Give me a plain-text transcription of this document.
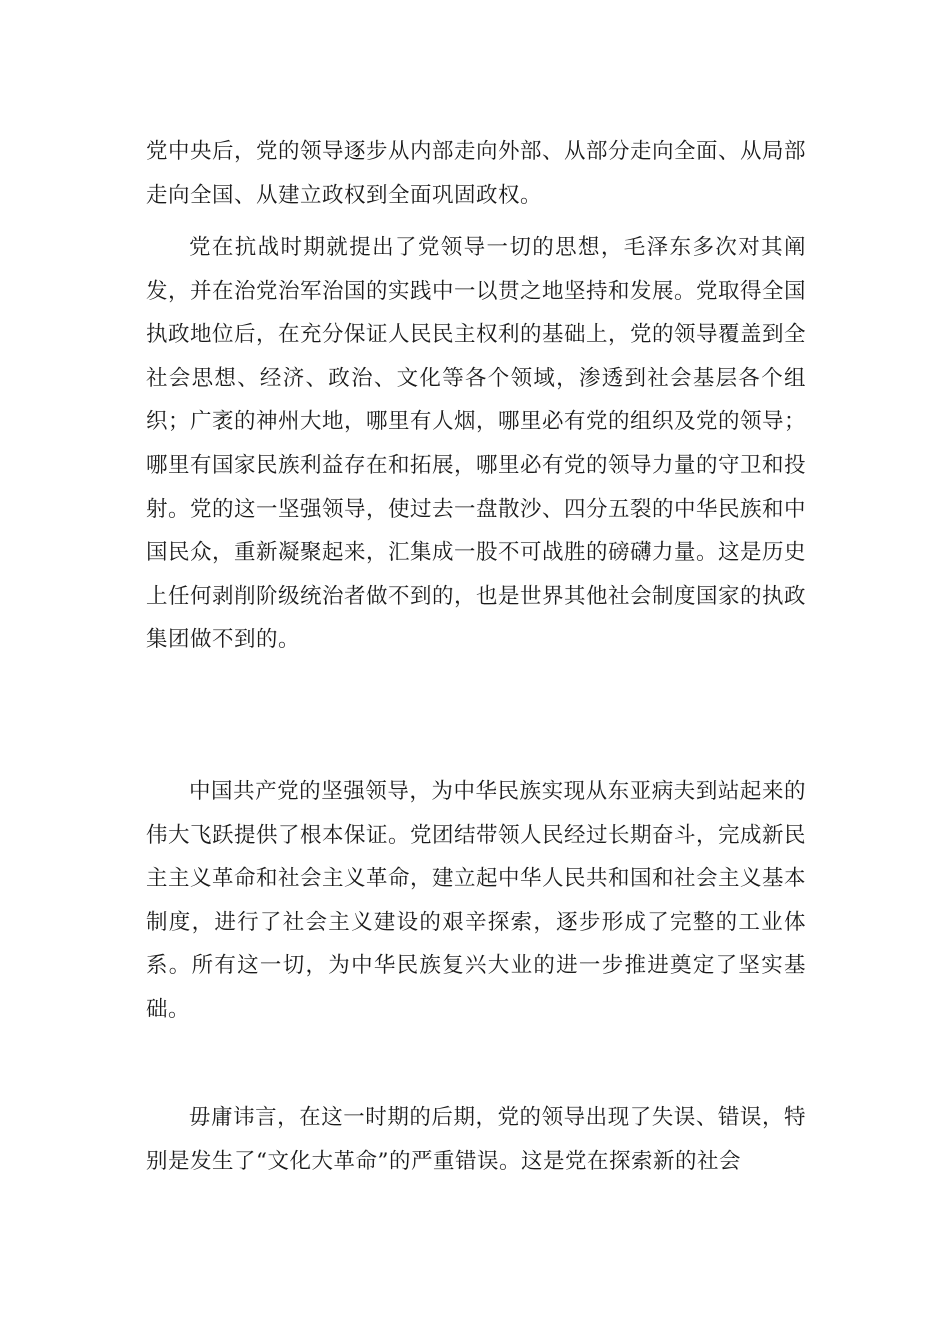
党中央后，党的领导逐步从内部走向外部、从部分走向全面、从局部走向全国、从建立政权到全面巩固政权。

党在抗战时期就提出了党领导一切的思想，毛泽东多次对其阐发，并在治党治军治国的实践中一以贯之地坚持和发展。党取得全国执政地位后，在充分保证人民民主权利的基础上，党的领导覆盖到全社会思想、经济、政治、文化等各个领域，渗透到社会基层各个组织；广袤的神州大地，哪里有人烟，哪里必有党的组织及党的领导；哪里有国家民族利益存在和拓展，哪里必有党的领导力量的守卫和投射。党的这一坚强领导，使过去一盘散沙、四分五裂的中华民族和中国民众，重新凝聚起来，汇集成一股不可战胜的磅礴力量。这是历史上任何剥削阶级统治者做不到的，也是世界其他社会制度国家的执政集团做不到的。

中国共产党的坚强领导，为中华民族实现从东亚病夫到站起来的伟大飞跃提供了根本保证。党团结带领人民经过长期奋斗，完成新民主主义革命和社会主义革命，建立起中华人民共和国和社会主义基本制度，进行了社会主义建设的艰辛探索，逐步形成了完整的工业体系。所有这一切，为中华民族复兴大业的进一步推进奠定了坚实基础。

毋庸讳言，在这一时期的后期，党的领导出现了失误、错误，特别是发生了“文化大革命”的严重错误。这是党在探索新的社会
